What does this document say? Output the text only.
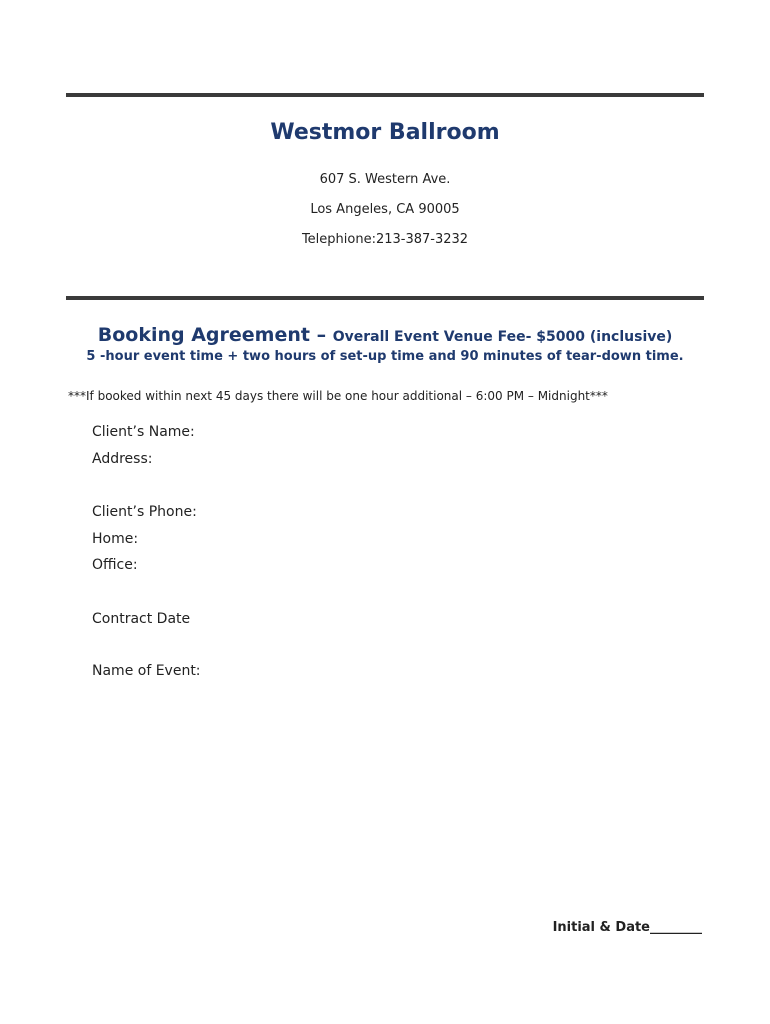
Westmor Ballroom
607 S. Western Ave.
Los Angeles, CA 90005
Telephione:213-387-3232
Booking Agreement – Overall Event Venue Fee- $5000 (inclusive)
5 -hour event time + two hours of set-up time and 90 minutes of tear-down time.
***If booked within next 45 days there will be one hour additional – 6:00 PM – Midnight***
Client’s Name:
Address:
Client’s Phone:
Home:
Office:
Contract Date
Name of Event:
Initial & Date________
